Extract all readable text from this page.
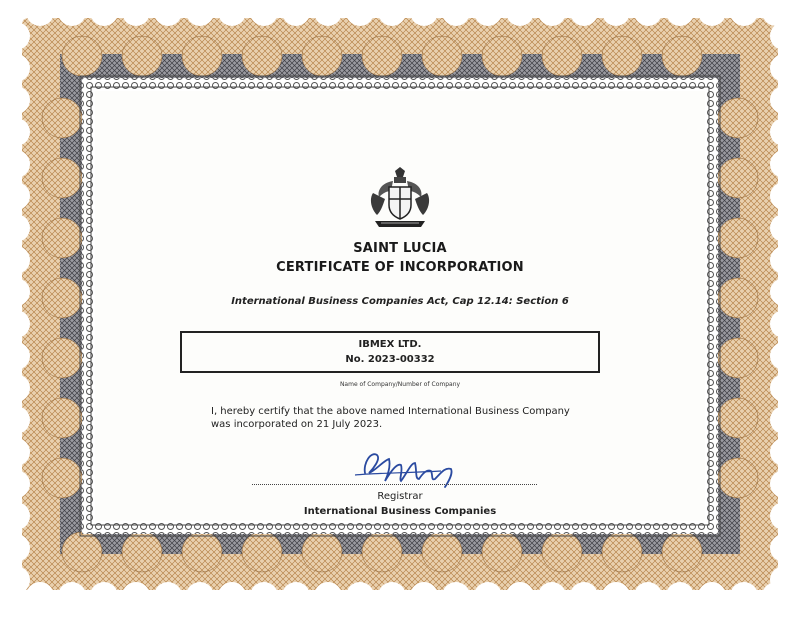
SAINT LUCIA
CERTIFICATE OF INCORPORATION
International Business Companies Act, Cap 12.14: Section 6
IBMEX LTD.
No. 2023-00332
Name of Company/Number of Company
I, hereby certify that the above named International Business Company
was incorporated on 21 July 2023.
Registrar
International Business Companies
